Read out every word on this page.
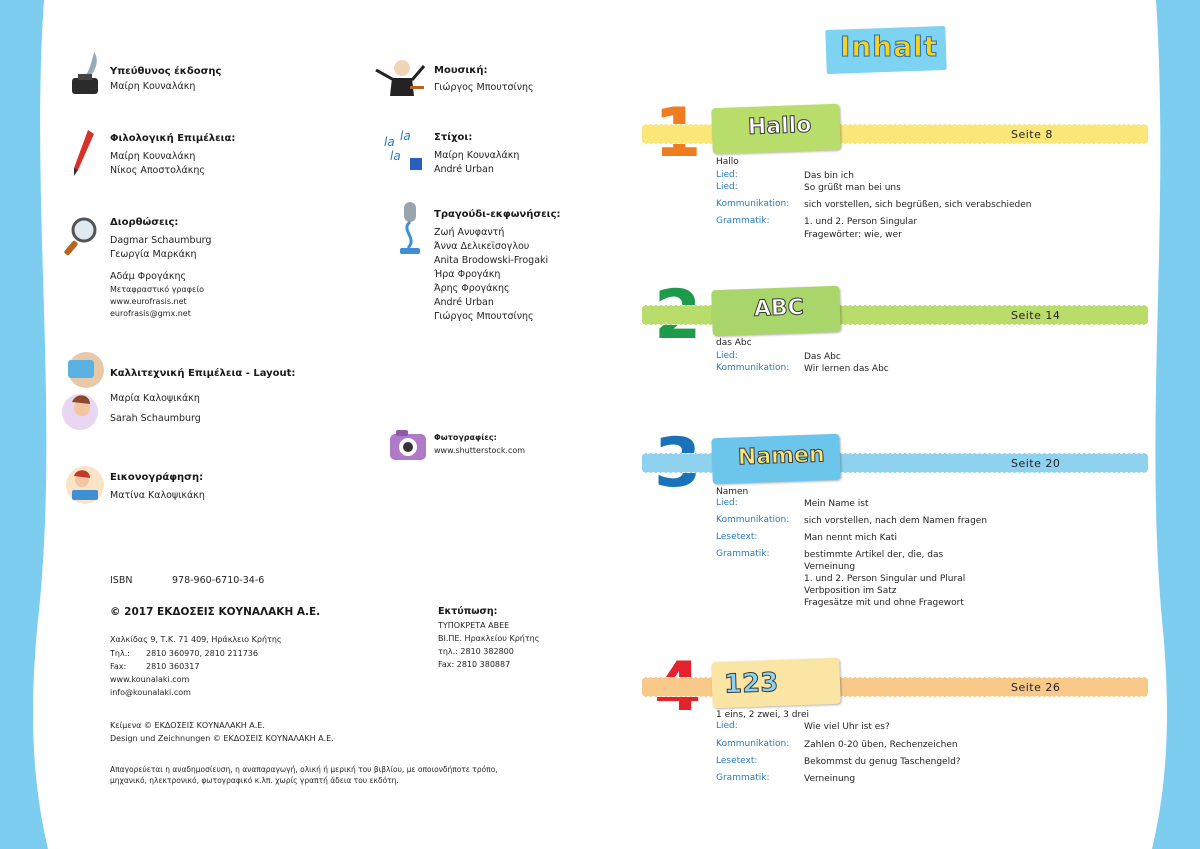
Υπεύθυνος έκδοσης
Μαίρη Κουναλάκη
Φιλολογική Επιμέλεια:
Μαίρη Κουναλάκη
Νίκος Αποστολάκης
Διορθώσεις:
Dagmar Schaumburg
Γεωργία Μαρκάκη
Αδάμ Φρογάκης
Μεταφραστικό γραφείο
www.eurofrasis.net
eurofrasis@gmx.net
Καλλιτεχνική Επιμέλεια - Layout:
Μαρία Καλοψικάκη
Sarah Schaumburg
Εικονογράφηση:
Ματίνα Καλοψικάκη
Μουσική:
Γιώργος Μπουτσίνης
la la
la
Στίχοι:
Μαίρη Κουναλάκη
André Urban
Τραγούδι-εκφωνήσεις:
Ζωή Ανυφαντή
Άννα Δελικεϊσογλου
Anita Brodowski-Frogaki
Ήρα Φρογάκη
Άρης Φρογάκης
André Urban
Γιώργος Μπουτσίνης
Φωτογραφίες:
www.shutterstock.com
ISBN	978-960-6710-34-6
© 2017 ΕΚΔΟΣΕΙΣ ΚΟΥΝΑΛΑΚΗ Α.Ε.
Χαλκίδας 9, Τ.Κ. 71 409, Ηράκλειο Κρήτης
Τηλ.: 2810 360970, 2810 211736
Fax: 2810 360317
www.kounalaki.com
info@kounalaki.com
Κείμενα © ΕΚΔΟΣΕΙΣ ΚΟΥΝΑΛΑΚΗ Α.Ε.
Design und Zeichnungen © ΕΚΔΟΣΕΙΣ ΚΟΥΝΑΛΑΚΗ Α.Ε.
Απαγορεύεται η αναδημοσίευση, η αναπαραγωγή, ολική ή μερική του βιβλίου, με οποιονδήποτε τρόπο,
μηχανικό, ηλεκτρονικό, φωτογραφικό κ.λπ. χωρίς γραπτή άδεια του εκδότη.
Εκτύπωση:
ΤΥΠΟΚΡΕΤΑ ΑΒΕΕ
ΒΙ.ΠΕ. Ηρακλείου Κρήτης
τηλ.: 2810 382800
Fax: 2810 380887
Inhalt
Seite 8
Hallo
Hallo
Lied:	Das bin ich
Lied:	So grüßt man bei uns
Kommunikation: sich vorstellen, sich begrüßen, sich verabschieden
Grammatik:	1. und 2. Person Singular
Fragewörter: wie, wer
Seite 14
ABC
das Abc
Lied:	Das Abc
Kommunikation: Wir lernen das Abc
Seite 20
Namen
Namen
Lied:	Mein Name ist
Kommunikation: sich vorstellen, nach dem Namen fragen
Lesetext:	Man nennt mich Kati
Grammatik:	bestimmte Artikel der, die, das
Verneinung
1. und 2. Person Singular und Plural
Verbposition im Satz
Fragesätze mit und ohne Fragewort
Seite 26
123
1 eins, 2 zwei, 3 drei
Lied:	Wie viel Uhr ist es?
Kommunikation: Zahlen 0-20 üben, Rechenzeichen
Lesetext:	Bekommst du genug Taschengeld?
Grammatik:	Verneinung
